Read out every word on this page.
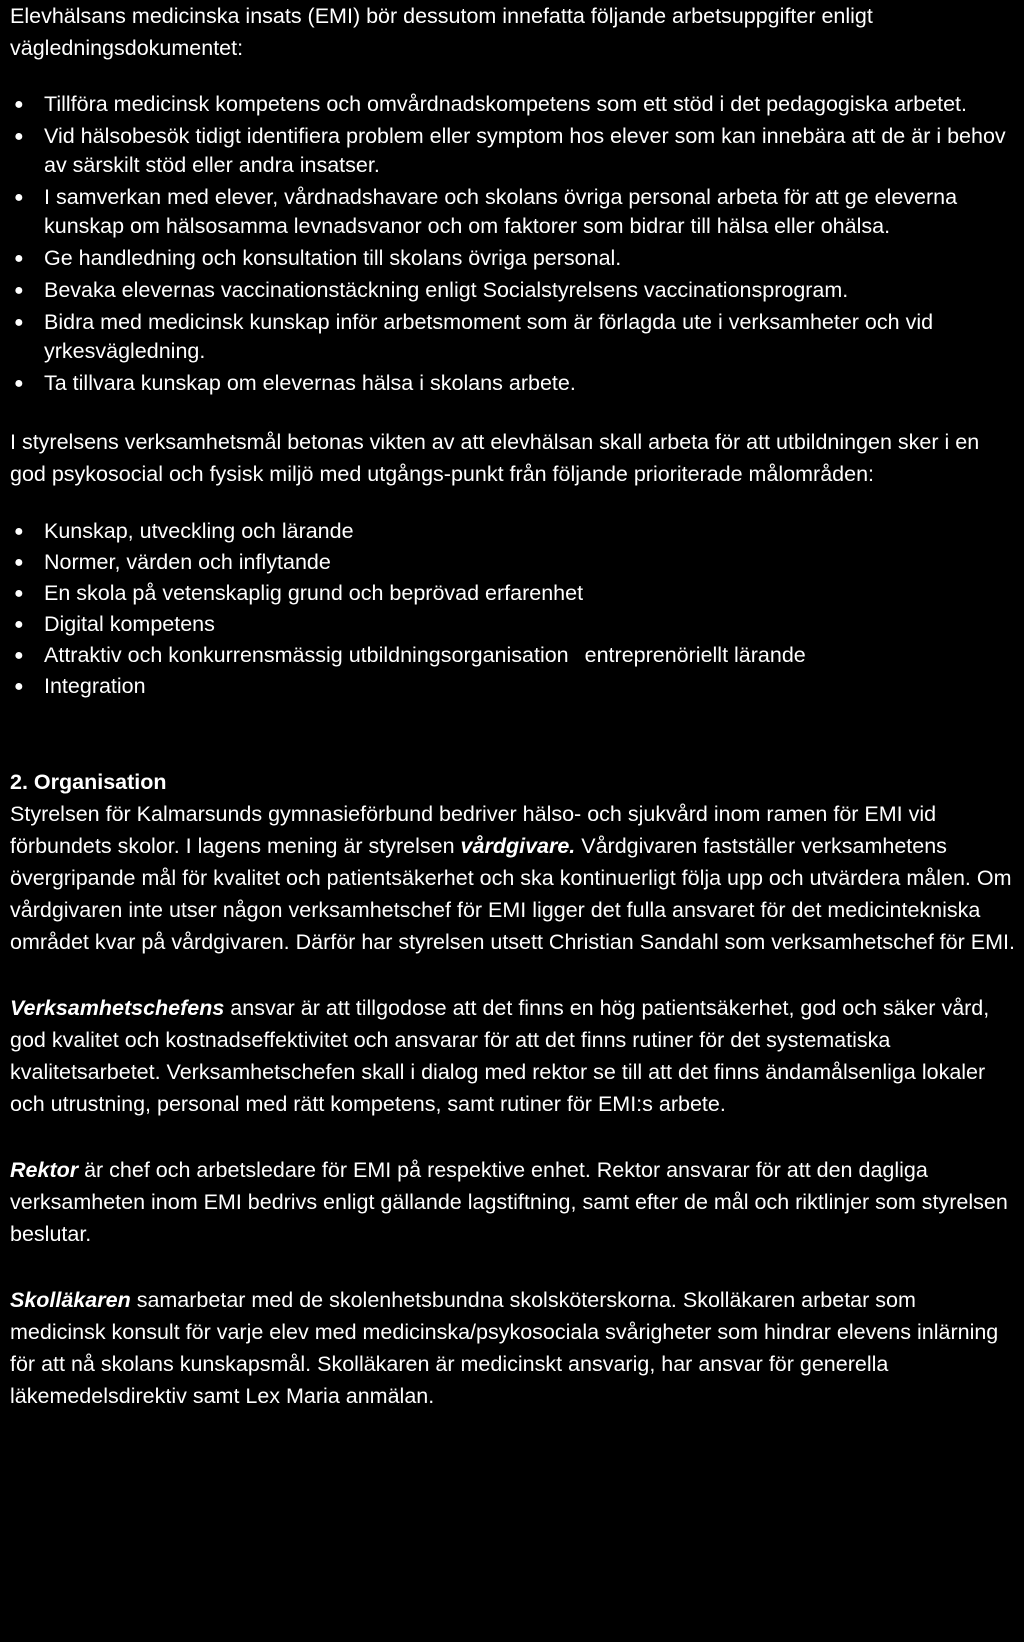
Elevhälsans medicinska insats (EMI) bör dessutom innefatta följande arbetsuppgifter enligt vägledningsdokumentet:

● Tillföra medicinsk kompetens och omvårdnadskompetens som ett stöd i det pedagogiska arbetet.
● Vid hälsobesök tidigt identifiera problem eller symptom hos elever som kan innebära att de är i behov av särskilt stöd eller andra insatser.
● I samverkan med elever, vårdnadshavare och skolans övriga personal arbeta för att ge eleverna kunskap om hälsosamma levnadsvanor och om faktorer som bidrar till hälsa eller ohälsa.
● Ge handledning och konsultation till skolans övriga personal.
● Bevaka elevernas vaccinationstäckning enligt Socialstyrelsens vaccinationsprogram.
● Bidra med medicinsk kunskap inför arbetsmoment som är förlagda ute i verksamheter och vid yrkesvägledning.
● Ta tillvara kunskap om elevernas hälsa i skolans arbete.

I styrelsens verksamhetsmål betonas vikten av att elevhälsan skall arbeta för att utbildningen sker i en god psykosocial och fysisk miljö med utgångs-punkt från följande prioriterade målområden:

● Kunskap, utveckling och lärande
● Normer, värden och inflytande
● En skola på vetenskaplig grund och beprövad erfarenhet
● Digital kompetens
● Attraktiv och konkurrensmässig utbildningsorganisation entreprenöriellt lärande
● Integration

2. Organisation

Styrelsen för Kalmarsunds gymnasieförbund bedriver hälso- och sjukvård inom ramen för EMI vid förbundets skolor. I lagens mening är styrelsen vårdgivare. Vårdgivaren fastställer verksamhetens övergripande mål för kvalitet och patientsäkerhet och ska kontinuerligt följa upp och utvärdera målen. Om vårdgivaren inte utser någon verksamhetschef för EMI ligger det fulla ansvaret för det medicintekniska området kvar på vårdgivaren. Därför har styrelsen utsett Christian Sandahl som verksamhetschef för EMI.

Verksamhetschefens ansvar är att tillgodose att det finns en hög patientsäkerhet, god och säker vård, god kvalitet och kostnadseffektivitet och ansvarar för att det finns rutiner för det systematiska kvalitetsarbetet. Verksamhetschefen skall i dialog med rektor se till att det finns ändamålsenliga lokaler och utrustning, personal med rätt kompetens, samt rutiner för EMI:s arbete.

Rektor är chef och arbetsledare för EMI på respektive enhet. Rektor ansvarar för att den dagliga verksamheten inom EMI bedrivs enligt gällande lagstiftning, samt efter de mål och riktlinjer som styrelsen beslutar.

Skolläkaren samarbetar med de skolenhetsbundna skolsköterskorna. Skolläkaren arbetar som medicinsk konsult för varje elev med medicinska/psykosociala svårigheter som hindrar elevens inlärning för att nå skolans kunskapsmål. Skolläkaren är medicinskt ansvarig, har ansvar för generella läkemedelsdirektiv samt Lex Maria anmälan.
